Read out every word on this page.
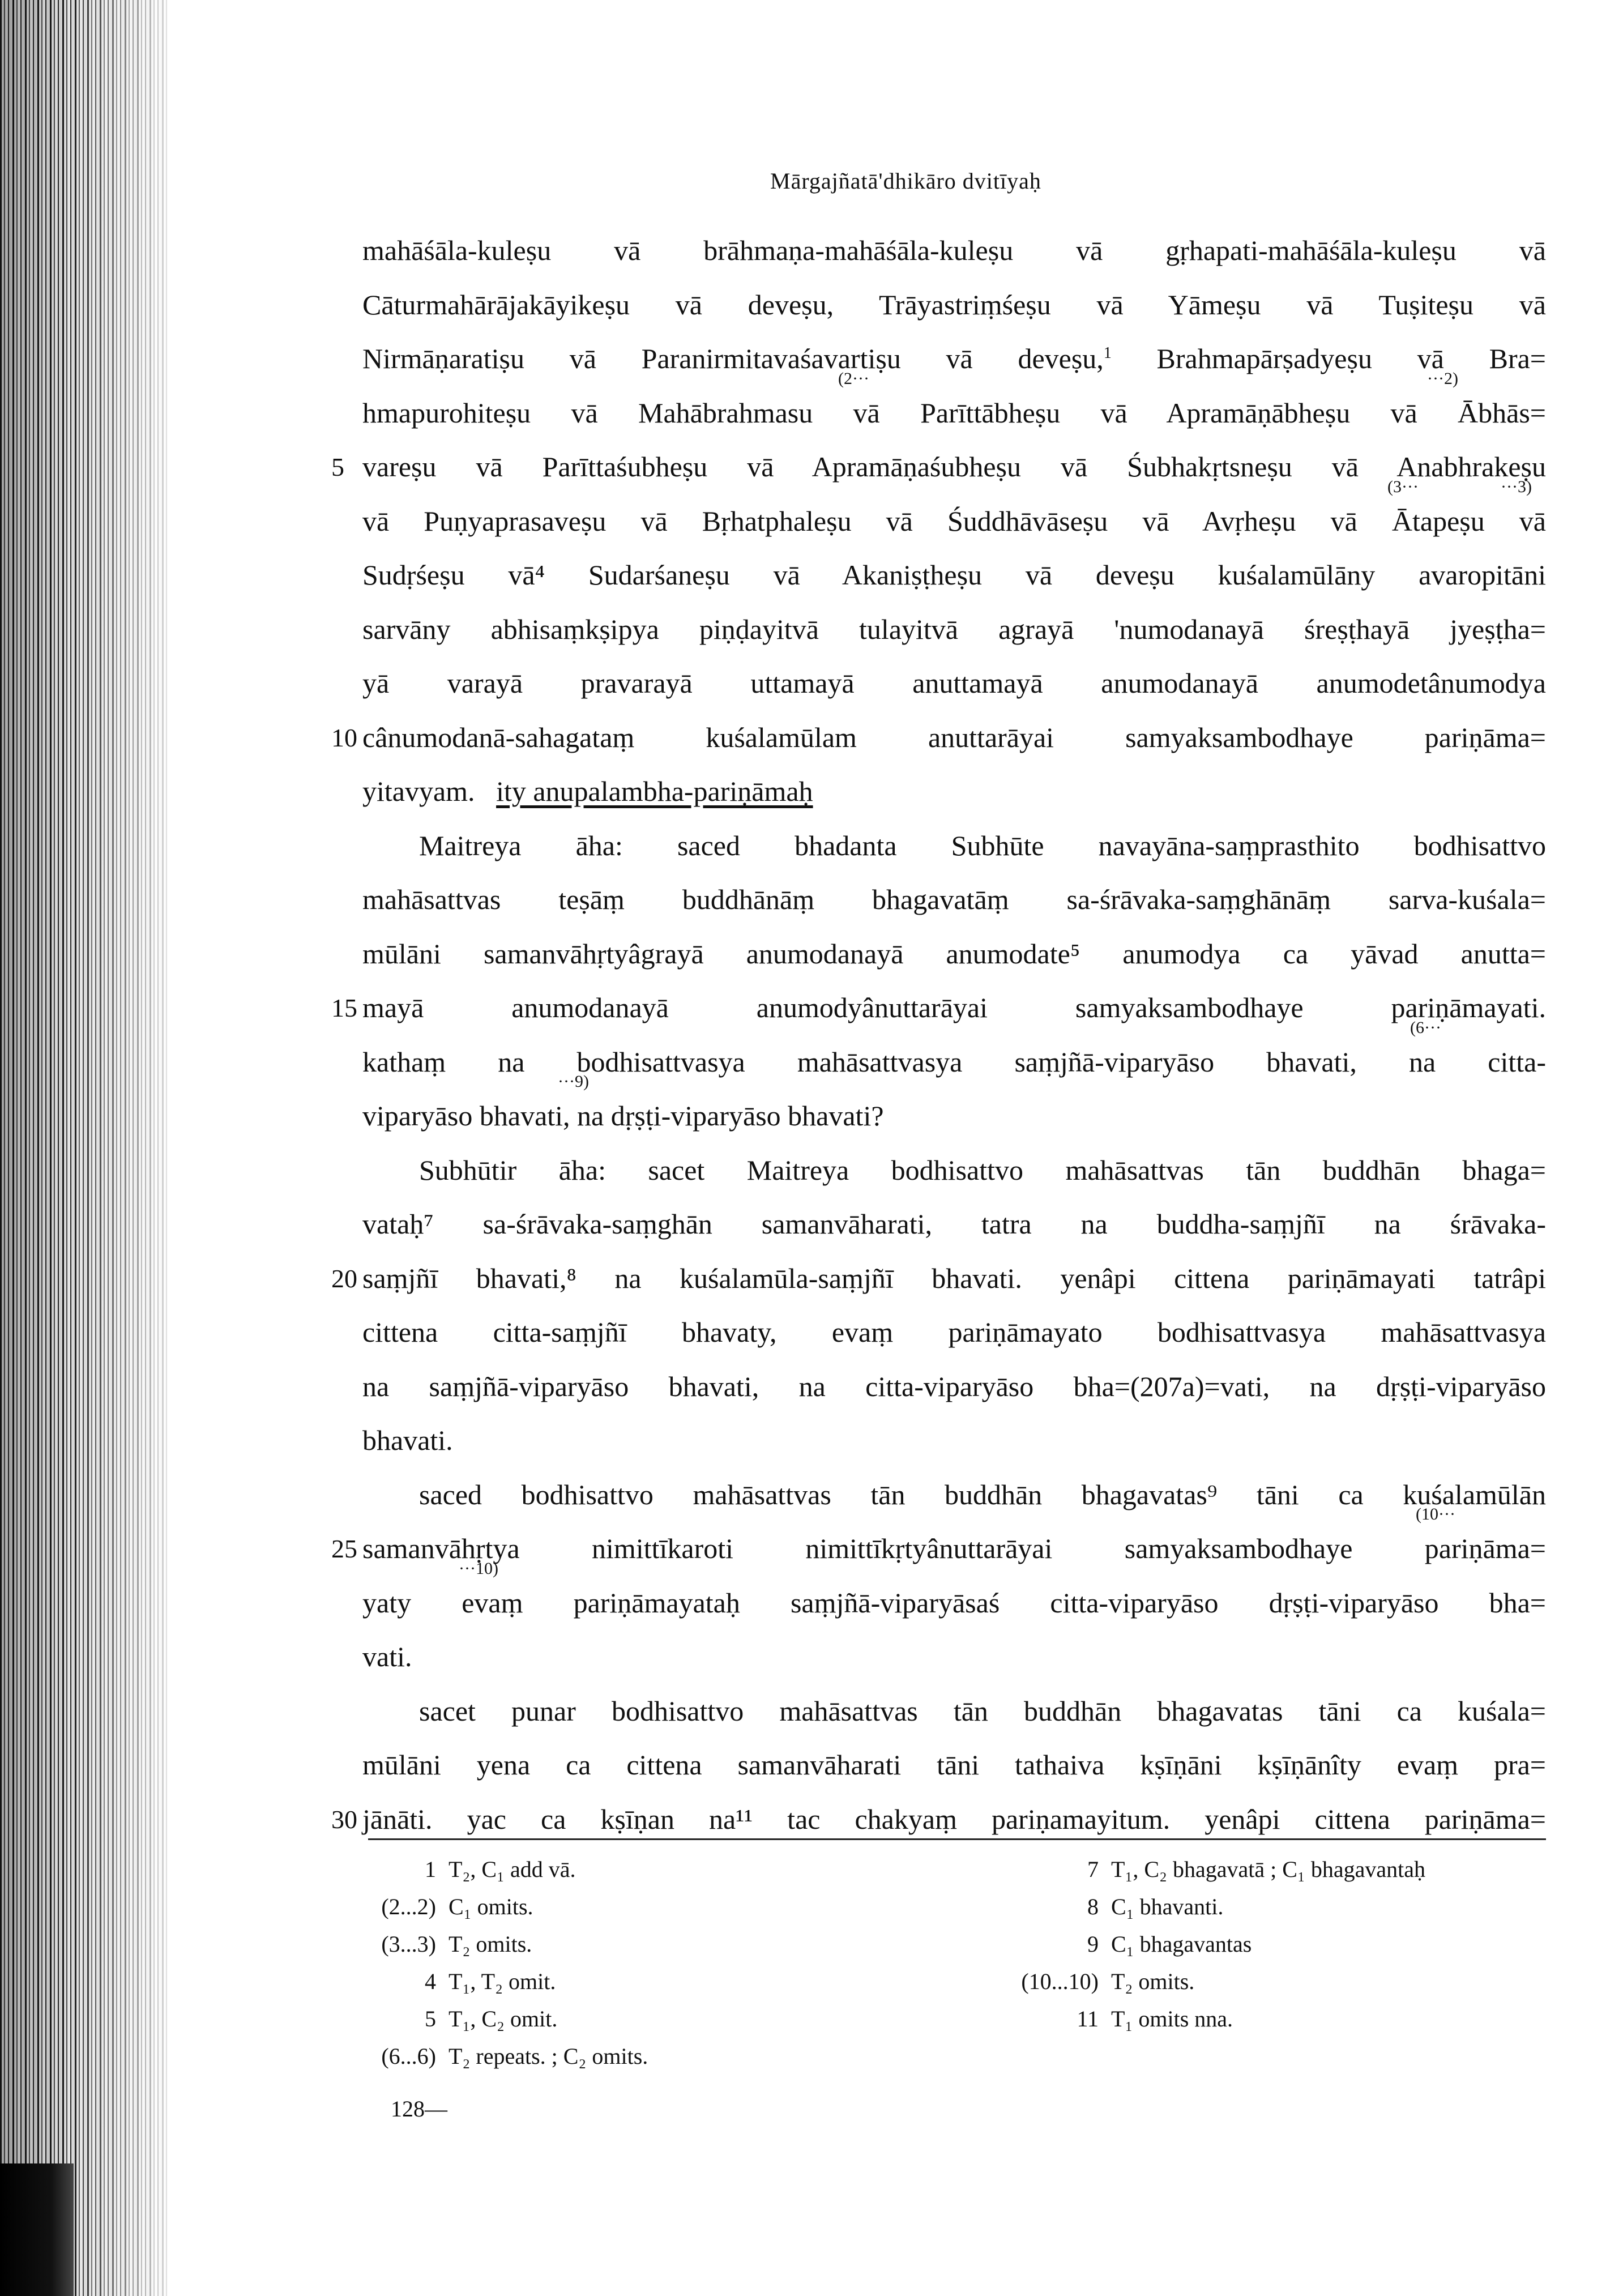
Mārgajñatā'dhikāro dvitīyaḥ
mahāśāla-kuleṣu vā brāhmaṇa-mahāśāla-kuleṣu vā gṛhapati-mahāśāla-kuleṣu vā
Cāturmahārājakāyikeṣu vā deveṣu, Trāyastriṃśeṣu vā Yāmeṣu vā Tuṣiteṣu vā
Nirmāṇaratiṣu vā Paranirmitavaśavartiṣu vā deveṣu,$^1$ Brahmapārṣadyeṣu vā Bra=
(2···	···2)
hmapurohiteṣu vā Mahābrahmasu vā Parīttābheṣu vā Apramāṇābheṣu vā Ābhās=
5 vareṣu vā Parīttaśubheṣu vā Apramāṇaśubheṣu vā Śubhakṛtsneṣu vā Anabhrakeṣu
(3···	···3)
vā Puṇyaprasaveṣu vā Bṛhatphaleṣu vā Śuddhāvāseṣu vā Avṛheṣu vā Ātapeṣu vā
Sudṛśeṣu vā⁴ Sudarśaneṣu vā Akaniṣṭheṣu vā deveṣu kuśalamūlāny avaropitāni
sarvāny abhisaṃkṣipya piṇḍayitvā tulayitvā agrayā 'numodanayā śreṣṭhayā jyeṣṭha=
yā varayā pravarayā uttamayā anuttamayā anumodanayā anumodetânumodya
10 cânumodanā-sahagataṃ kuśalamūlam anuttarāyai samyaksambodhaye pariṇāma=
yitavyam. ity anupalambha-pariṇāmaḥ
Maitreya āha: saced bhadanta Subhūte navayāna-saṃprasthito bodhisattvo
mahāsattvas teṣāṃ buddhānāṃ bhagavatāṃ sa-śrāvaka-saṃghānāṃ sarva-kuśala=
mūlāni samanvāhṛtyâgrayā anumodanayā anumodate⁵ anumodya ca yāvad anutta=
15 mayā anumodanayā anumodyânuttarāyai samyaksambodhaye pariṇāmayati.
(6···
kathaṃ na bodhisattvasya mahāsattvasya saṃjñā-viparyāso bhavati, na citta-
···9)
viparyāso bhavati, na dṛṣṭi-viparyāso bhavati?
Subhūtir āha: sacet Maitreya bodhisattvo mahāsattvas tān buddhān bhaga=
vataḥ⁷ sa-śrāvaka-saṃghān samanvāharati, tatra na buddha-saṃjñī na śrāvaka-
20 saṃjñī bhavati,⁸ na kuśalamūla-saṃjñī bhavati. yenâpi cittena pariṇāmayati tatrâpi
cittena citta-saṃjñī bhavaty, evaṃ pariṇāmayato bodhisattvasya mahāsattvasya
na saṃjñā-viparyāso bhavati, na citta-viparyāso bha=(207a)=vati, na dṛṣṭi-viparyāso
bhavati.
saced bodhisattvo mahāsattvas tān buddhān bhagavatas⁹ tāni ca kuśalamūlān
25
(10···
samanvāhṛtya nimittīkaroti nimittīkṛtyânuttarāyai samyaksambodhaye pariṇāma=
···10)
yaty evaṃ pariṇāmayataḥ saṃjñā-viparyāsaś citta-viparyāso dṛṣṭi-viparyāso bha=
vati.
sacet punar bodhisattvo mahāsattvas tān buddhān bhagavatas tāni ca kuśala=
mūlāni yena ca cittena samanvāharati tāni tathaiva kṣīṇāni kṣīṇānîty evaṃ pra=
30 jānāti. yac ca kṣīṇan na¹¹ tac chakyaṃ pariṇamayitum. yenâpi cittena pariṇāma=
1 T₂, C₁ add vā.
(2...2) C₁ omits.
(3...3) T₂ omits.
4 T₁, T₂ omit.
5 T₁, C₂ omit.
(6...6) T₂ repeats. ; C₂ omits.
7 T₁, C₂ bhagavatā ; C₁ bhagavantaḥ
8 C₁ bhavanti.
9 C₁ bhagavantas
(10...10) T₂ omits.
11 T₁ omits nna.
128—
